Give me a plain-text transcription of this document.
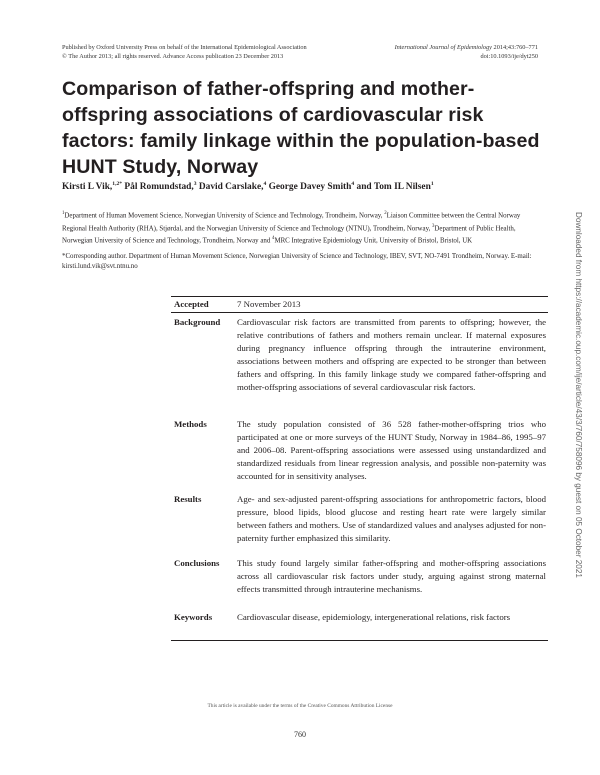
Published by Oxford University Press on behalf of the International Epidemiological Association
© The Author 2013; all rights reserved. Advance Access publication 23 December 2013
International Journal of Epidemiology 2014;43:760–771
doi:10.1093/ije/dyt250
Comparison of father-offspring and mother-offspring associations of cardiovascular risk factors: family linkage within the population-based HUNT Study, Norway
Kirsti L Vik,$^{1,2*}$ Pål Romundstad,$^3$ David Carslake,$^4$ George Davey Smith$^4$ and Tom IL Nilsen$^1$
$^1$Department of Human Movement Science, Norwegian University of Science and Technology, Trondheim, Norway, $^2$Liaison Committee between the Central Norway Regional Health Authority (RHA), Stjørdal, and the Norwegian University of Science and Technology (NTNU), Trondheim, Norway, $^3$Department of Public Health, Norwegian University of Science and Technology, Trondheim, Norway and $^4$MRC Integrative Epidemiology Unit, University of Bristol, Bristol, UK
*Corresponding author. Department of Human Movement Science, Norwegian University of Science and Technology, IBEV, SVT, NO-7491 Trondheim, Norway. E-mail: kirsti.lund.vik@svt.ntnu.no
Accepted	7 November 2013
Background Cardiovascular risk factors are transmitted from parents to offspring; however, the relative contributions of fathers and mothers remain unclear. If maternal exposures during pregnancy influence offspring through the intrauterine environment, associations between mothers and offspring are expected to be stronger than between fathers and offspring. In this family linkage study we compared father-offspring and mother-offspring associations of several cardiovascular risk factors.
Methods	The study population consisted of 36 528 father-mother-offspring trios who participated at one or more surveys of the HUNT Study, Norway in 1984–86, 1995–97 and 2006–08. Parent-offspring associations were assessed using unstandardized and standardized residuals from linear regression analysis, and possible non-paternity was accounted for in sensitivity analyses.
Results	Age- and sex-adjusted parent-offspring associations for anthropometric factors, blood pressure, blood lipids, blood glucose and resting heart rate were largely similar between fathers and mothers. Use of standardized values and analyses adjusted for non-paternity further emphasized this similarity.
Conclusions This study found largely similar father-offspring and mother-offspring associations across all cardiovascular risk factors under study, arguing against strong maternal effects transmitted through intrauterine mechanisms.
Keywords	Cardiovascular disease, epidemiology, intergenerational relations, risk factors
This article is available under the terms of the Creative Commons Attribution License
760
Downloaded from https://academic.oup.com/ije/article/43/3/760/758096 by guest on 05 October 2021
